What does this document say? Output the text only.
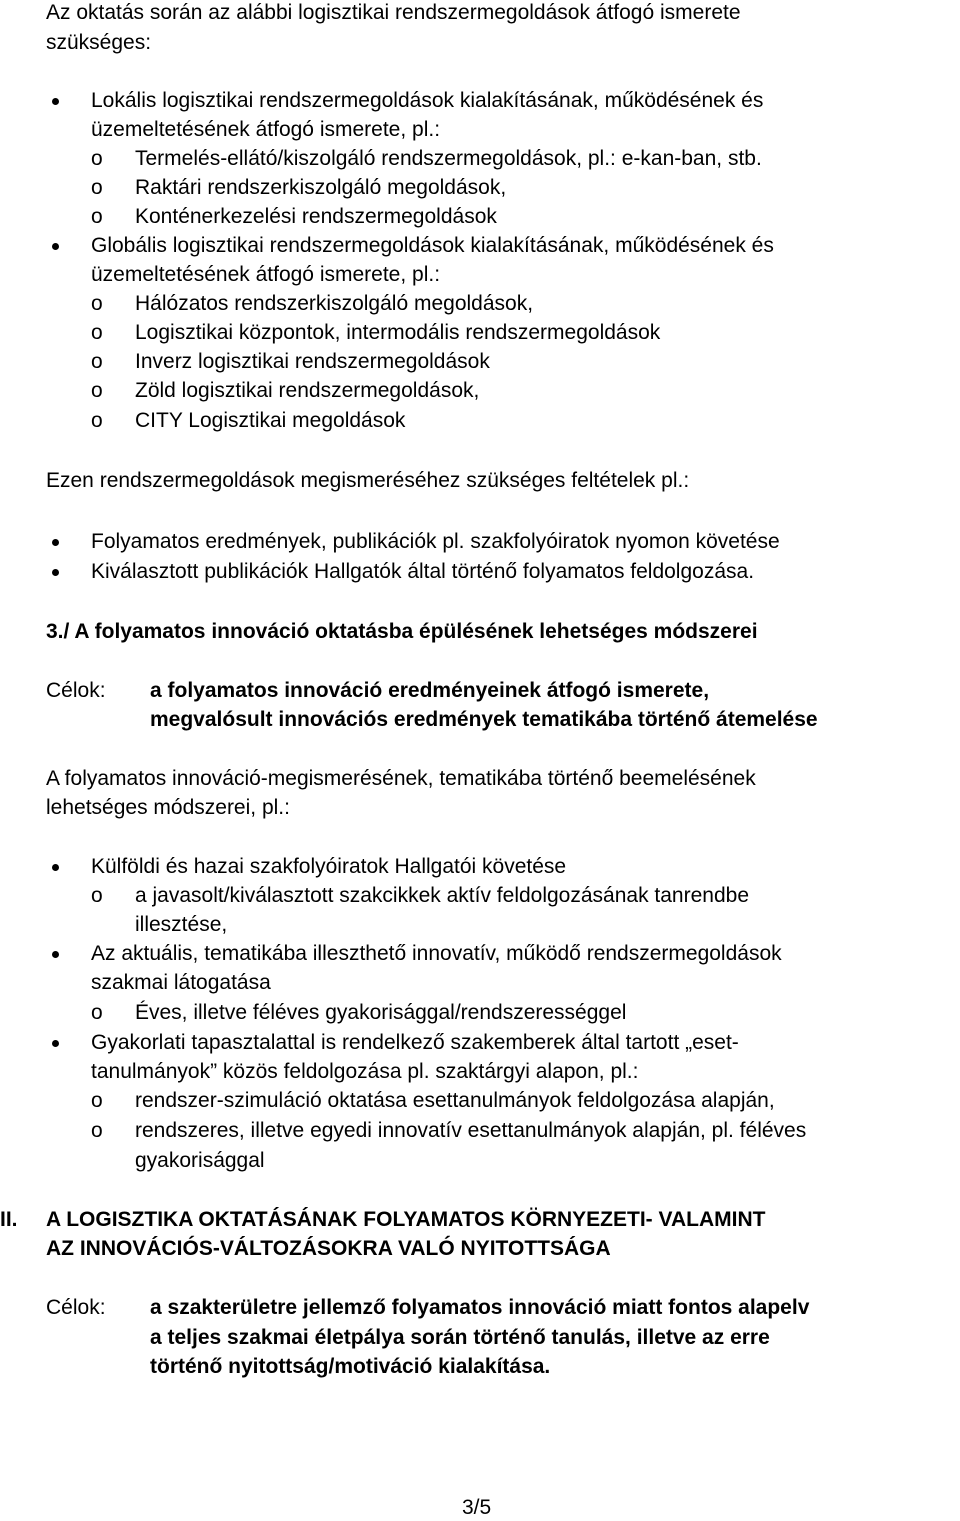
Az oktatás során az alábbi logisztikai rendszermegoldások átfogó ismerete
szükséges:
Lokális logisztikai rendszermegoldások kialakításának, működésének és
üzemeltetésének átfogó ismerete, pl.:
o Termelés-ellátó/kiszolgáló rendszermegoldások, pl.: e-kan-ban, stb.
o Raktári rendszerkiszolgáló megoldások,
o Konténerkezelési rendszermegoldások
Globális logisztikai rendszermegoldások kialakításának, működésének és
üzemeltetésének átfogó ismerete, pl.:
o Hálózatos rendszerkiszolgáló megoldások,
o Logisztikai központok, intermodális rendszermegoldások
o Inverz logisztikai rendszermegoldások
o Zöld logisztikai rendszermegoldások,
o CITY Logisztikai megoldások
Ezen rendszermegoldások megismeréséhez szükséges feltételek pl.:
Folyamatos eredmények, publikációk pl. szakfolyóiratok nyomon követése
Kiválasztott publikációk Hallgatók által történő folyamatos feldolgozása.
3./ A folyamatos innováció oktatásba épülésének lehetséges módszerei
Célok: a folyamatos innováció eredményeinek átfogó ismerete,
megvalósult innovációs eredmények tematikába történő átemelése
A folyamatos innováció-megismerésének, tematikába történő beemelésének
lehetséges módszerei, pl.:
Külföldi és hazai szakfolyóiratok Hallgatói követése
o a javasolt/kiválasztott szakcikkek aktív feldolgozásának tanrendbe
illesztése,
Az aktuális, tematikába illeszthető innovatív, működő rendszermegoldások
szakmai látogatása
o Éves, illetve féléves gyakorisággal/rendszerességgel
Gyakorlati tapasztalattal is rendelkező szakemberek által tartott „eset-
tanulmányok” közös feldolgozása pl. szaktárgyi alapon, pl.:
o rendszer-szimuláció oktatása esettanulmányok feldolgozása alapján,
o rendszeres, illetve egyedi innovatív esettanulmányok alapján, pl. féléves
gyakorisággal
II. A LOGISZTIKA OKTATÁSÁNAK FOLYAMATOS KÖRNYEZETI- VALAMINT
AZ INNOVÁCIÓS-VÁLTOZÁSOKRA VALÓ NYITOTTSÁGA
Célok: a szakterületre jellemző folyamatos innováció miatt fontos alapelv
a teljes szakmai életpálya során történő tanulás, illetve az erre
történő nyitottság/motiváció kialakítása.
3/5
